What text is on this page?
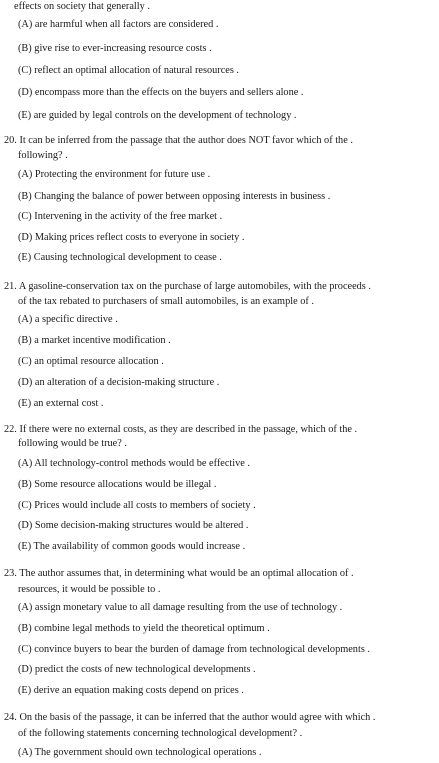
effects on society that generally .
(A) are harmful when all factors are considered .
(B) give rise to ever-increasing resource costs .
(C) reflect an optimal allocation of natural resources .
(D) encompass more than the effects on the buyers and sellers alone .
(E) are guided by legal controls on the development of technology .
20. It can be inferred from the passage that the author does NOT favor which of the .
following? .
(A) Protecting the environment for future use .
(B) Changing the balance of power between opposing interests in business .
(C) Intervening in the activity of the free market .
(D) Making prices reflect costs to everyone in society .
(E) Causing technological development to cease .
21. A gasoline-conservation tax on the purchase of large automobiles, with the proceeds .
of the tax rebated to purchasers of small automobiles, is an example of .
(A) a specific directive .
(B) a market incentive modification .
(C) an optimal resource allocation .
(D) an alteration of a decision-making structure .
(E) an external cost .
22. If there were no external costs, as they are described in the passage, which of the .
following would be true? .
(A) All technology-control methods would be effective .
(B) Some resource allocations would be illegal .
(C) Prices would include all costs to members of society .
(D) Some decision-making structures would be altered .
(E) The availability of common goods would increase .
23. The author assumes that, in determining what would be an optimal allocation of .
resources, it would be possible to .
(A) assign monetary value to all damage resulting from the use of technology .
(B) combine legal methods to yield the theoretical optimum .
(C) convince buyers to bear the burden of damage from technological developments .
(D) predict the costs of new technological developments .
(E) derive an equation making costs depend on prices .
24. On the basis of the passage, it can be inferred that the author would agree with which .
of the following statements concerning technological development? .
(A) The government should own technological operations .
